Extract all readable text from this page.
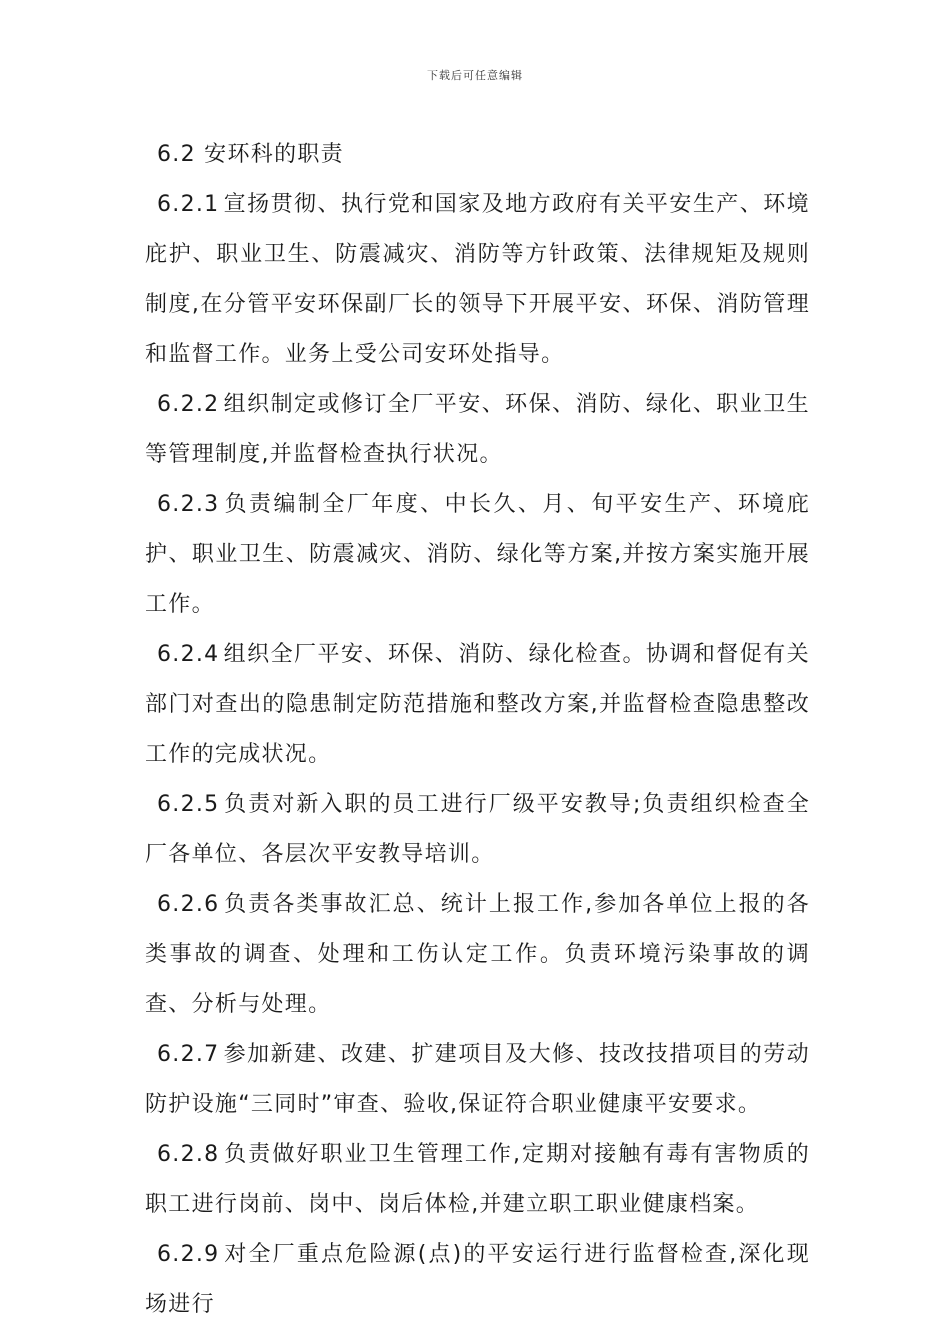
下载后可任意编辑

6.2 安环科的职责

6.2.1 宣扬贯彻、执行党和国家及地方政府有关平安生产、环境庇护、职业卫生、防震减灾、消防等方针政策、法律规矩及规则制度,在分管平安环保副厂长的领导下开展平安、环保、消防管理和监督工作。业务上受公司安环处指导。

6.2.2 组织制定或修订全厂平安、环保、消防、绿化、职业卫生等管理制度,并监督检查执行状况。

6.2.3 负责编制全厂年度、中长久、月、旬平安生产、环境庇护、职业卫生、防震减灾、消防、绿化等方案,并按方案实施开展工作。

6.2.4 组织全厂平安、环保、消防、绿化检查。协调和督促有关部门对查出的隐患制定防范措施和整改方案,并监督检查隐患整改工作的完成状况。

6.2.5 负责对新入职的员工进行厂级平安教导;负责组织检查全厂各单位、各层次平安教导培训。

6.2.6 负责各类事故汇总、统计上报工作,参加各单位上报的各类事故的调查、处理和工伤认定工作。负责环境污染事故的调查、分析与处理。

6.2.7 参加新建、改建、扩建项目及大修、技改技措项目的劳动防护设施“三同时”审查、验收,保证符合职业健康平安要求。

6.2.8 负责做好职业卫生管理工作,定期对接触有毒有害物质的职工进行岗前、岗中、岗后体检,并建立职工职业健康档案。

6.2.9 对全厂重点危险源(点)的平安运行进行监督检查,深化现场进行
